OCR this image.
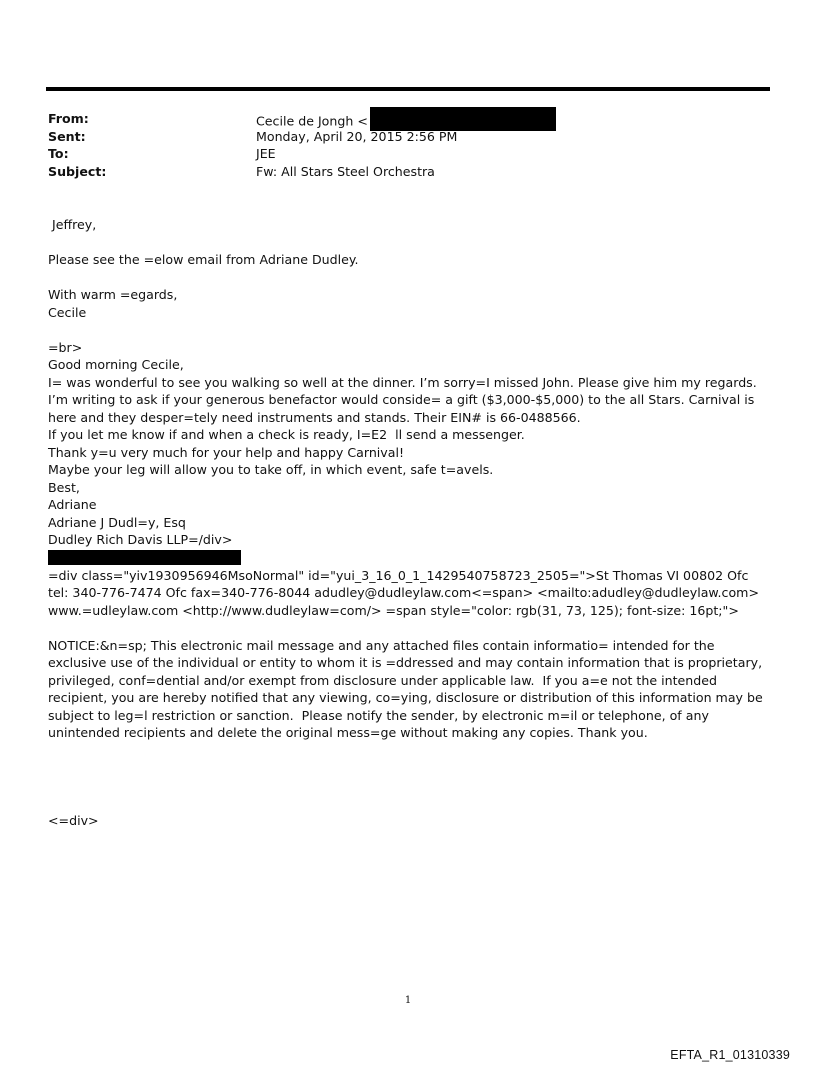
From:	Cecile de Jongh <
Sent:	Monday, April 20, 2015 2:56 PM
To:	JEE
Subject:	Fw: All Stars Steel Orchestra

Jeffrey,

Please see the =elow email from Adriane Dudley.

With warm =egards,

Cecile

=br>

Good morning Cecile,

I= was wonderful to see you walking so well at the dinner. I’m sorry=I missed John. Please give him my regards.

I’m writing to ask if your generous benefactor would conside= a gift ($3,000-$5,000) to the all Stars. Carnival is here and they desper=tely need instruments and stands. Their EIN# is 66-0488566.

If you let me know if and when a check is ready, I=E2  ll send a messenger.

Thank y=u very much for your help and happy Carnival!

Maybe your leg will allow you to take off, in which event, safe t=avels.

Best,

Adriane

Adriane J Dudl=y, Esq

Dudley Rich Davis LLP=/div>

=div class="yiv1930956946MsoNormal" id="yui_3_16_0_1_1429540758723_2505=">St Thomas VI 00802 Ofc tel: 340-776-7474 Ofc fax=340-776-8044 adudley@dudleylaw.com<=span> <mailto:adudley@dudleylaw.com> www.=udleylaw.com <http://www.dudleylaw=com/> =span style="color: rgb(31, 73, 125); font-size: 16pt;">

NOTICE:&n=sp; This electronic mail message and any attached files contain informatio= intended for the exclusive use of the individual or entity to whom it is =ddressed and may contain information that is proprietary, privileged, conf=dential and/or exempt from disclosure under applicable law.  If you a=e not the intended recipient, you are hereby notified that any viewing, co=ying, disclosure or distribution of this information may be subject to leg=l restriction or sanction.  Please notify the sender, by electronic m=il or telephone, of any unintended recipients and delete the original mess=ge without making any copies. Thank you.

<=div>

1
EFTA_R1_01310339
